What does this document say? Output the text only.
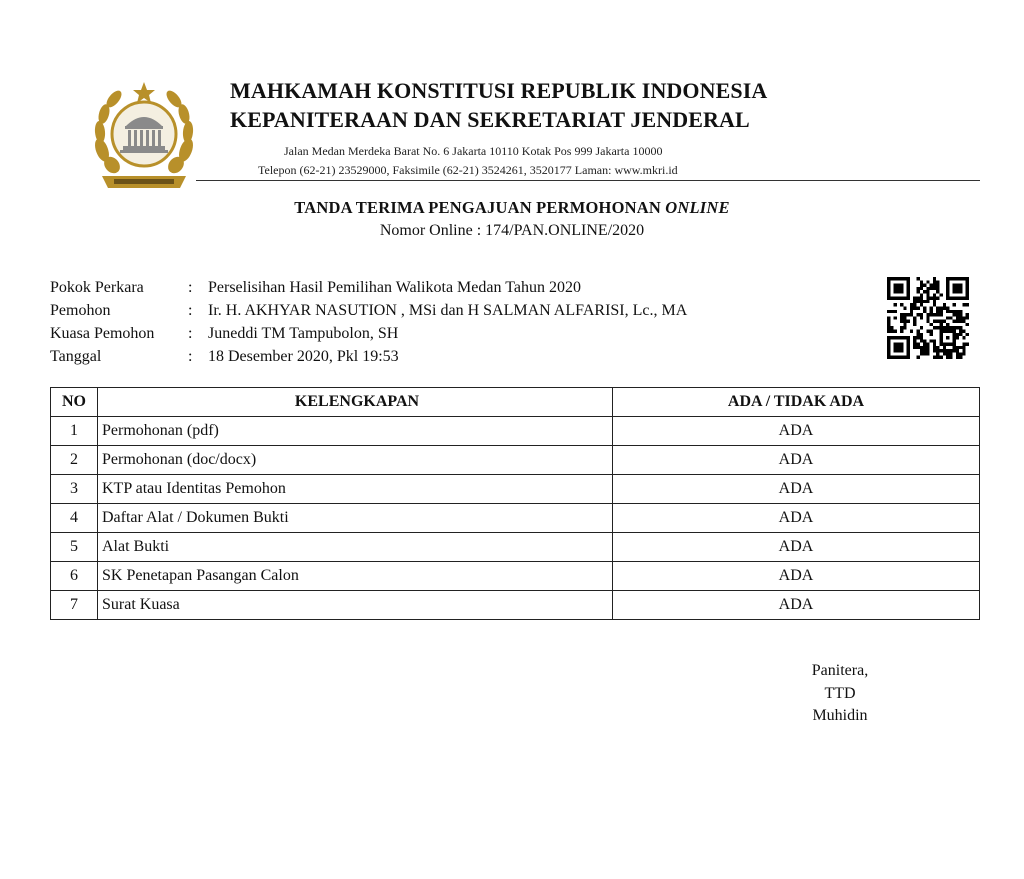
MAHKAMAH KONSTITUSI REPUBLIK INDONESIA
KEPANITERAAN DAN SEKRETARIAT JENDERAL
Jalan Medan Merdeka Barat No. 6 Jakarta 10110 Kotak Pos 999 Jakarta 10000
Telepon (62-21) 23529000, Faksimile (62-21) 3524261, 3520177 Laman: www.mkri.id
TANDA TERIMA PENGAJUAN PERMOHONAN ONLINE
Nomor Online : 174/PAN.ONLINE/2020
Pokok Perkara	: Perselisihan Hasil Pemilihan Walikota Medan Tahun 2020
Pemohon	: Ir. H. AKHYAR NASUTION , MSi dan H SALMAN ALFARISI, Lc., MA
Kuasa Pemohon : Juneddi TM Tampubolon, SH
Tanggal	: 18 Desember 2020, Pkl 19:53
NO	KELENGKAPAN	ADA / TIDAK ADA
1	Permohonan (pdf)	ADA
2	Permohonan (doc/docx)	ADA
3	KTP atau Identitas Pemohon	ADA
4	Daftar Alat / Dokumen Bukti	ADA
5	Alat Bukti	ADA
6	SK Penetapan Pasangan Calon	ADA
7	Surat Kuasa	ADA
Panitera,
TTD
Muhidin
